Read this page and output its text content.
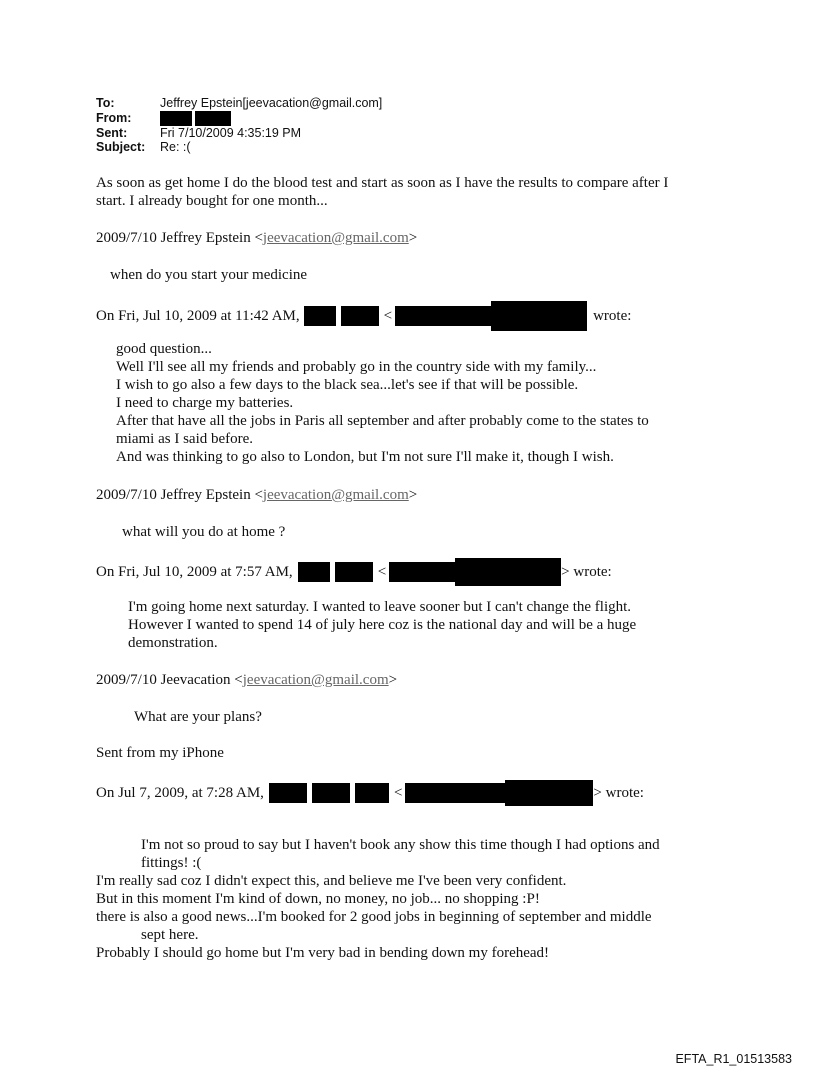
To:	Jeffrey Epstein[jeevacation@gmail.com]
From:
Sent:	Fri 7/10/2009 4:35:19 PM
Subject:	Re: :(
As soon as get home I do the blood test and start as soon as I have the results to compare after I
start. I already bought for one month...
2009/7/10 Jeffrey Epstein <jeevacation@gmail.com>
when do you start your medicine
On Fri, Jul 10, 2009 at 11:42 AM,	<	wrote:
good question...
Well I'll see all my friends and probably go in the country side with my family...
I wish to go also a few days to the black sea...let's see if that will be possible.
I need to charge my batteries.
After that have all the jobs in Paris all september and after probably come to the states to
miami as I said before.
And was thinking to go also to London, but I'm not sure I'll make it, though I wish.
2009/7/10 Jeffrey Epstein <jeevacation@gmail.com>
what will you do at home ?
On Fri, Jul 10, 2009 at 7:57 AM,	<	> wrote:
I'm going home next saturday. I wanted to leave sooner but I can't change the flight.
However I wanted to spend 14 of july here coz is the national day and will be a huge
demonstration.
2009/7/10 Jeevacation <jeevacation@gmail.com>
What are your plans?
Sent from my iPhone
On Jul 7, 2009, at 7:28 AM,	<	> wrote:
I'm not so proud to say but I haven't book any show this time though I had options and
fittings! :(
I'm really sad coz I didn't expect this, and believe me I've been very confident.
But in this moment I'm kind of down, no money, no job... no shopping :P!
there is also a good news...I'm booked for 2 good jobs in beginning of september and middle
sept here.
Probably I should go home but I'm very bad in bending down my forehead!
EFTA_R1_01513583
